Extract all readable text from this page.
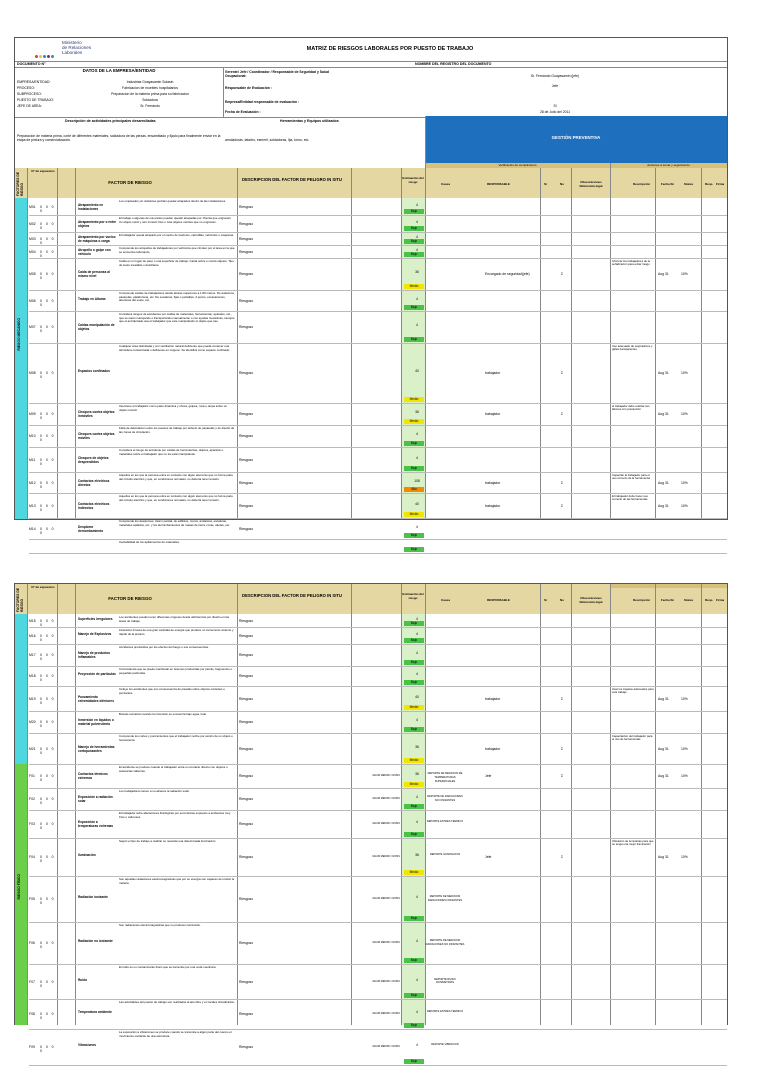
Ministerio
de Relaciones
Laborales
MATRIZ DE RIESGOS LABORALES POR PUESTO DE TRABAJO
DOCUMENTO N°	NOMBRE DEL REGISTRO DEL DOCUMENTO
DATOS DE LA EMPRESA/ENTIDAD
EMPRESA/ENTIDAD:	Industrias Guayasamin Solasin
PROCESO:	Fabricacion de muebles hospitalarios
SUBPROCESO:	Preparacion de la materia prima para su fabricacion
PUESTO DE TRABAJO:	Soldadora
JEFE DE AREA:	Sr. Fernando
Gerente/ Jefe / Coordinador / Responsable de Seguridad y Salud Ocupacional:	Sr. Fernando Guayasamin (jefe)
Responsable de Evaluación :	Jefe
Empresa/Entidad responsable de evaluación :
Si
Fecha de Evaluación :	28 de Julio del 2011
Descripción de actividades principales desarrolladas	Herramientas y Equipos utilizados
Preparación de materia prima, corte de diferentes materiales, soldadura de las piezas, ensamblado y lijado para finalmente enviar en la etapa de pintura y comercialización.	amoladoras, taladro, esmeril, soldadoras, lija, torno, etc.	GESTIÓN PREVENTIVA
Verificación de cumplimiento	Acciones a tomar y seguimiento
FACTORES DE RIESGO
N° de expuestos
FACTOR DE RIESGO
DESCRIPCIÓN DEL FACTOR DE PELIGRO IN SITU	Estimación del riesgo	Causa	RESPONSABLE	Si	No	Observaciones Referencia legal	Descripción	Fecha fin	Status	Resp. Firma
RIESGO MECANICO
M01	0 0 0 0
Atrapamiento en instalaciones
Los empleados y/o visitantes podrían quedar atrapados dentro de las instalaciones.
Riesgoso	4
Bajo
M02	0 0 0 0
Atrapamiento por o entre objetos
El trabajo o algunas de sus partes pueden quedar atrapadas por: Piezas que engranan; Un objeto móvil y otro inmóvil; Dos o más objetos móviles que no engranan.	Riesgoso	4
Bajo
M03	0 0 0 0
Atrapamiento por vuelco de máquinas o carga
El trabajador queda atrapado por el vuelco de tractores, carretillas, vehículos o máquinas.
Riesgoso	4
Bajo
M04	0 0 0 0
Atropello o golpe con vehículo
Comprende los atropellos de trabajadores por vehículos que circulen por el área en la que se encuentre laborando.	Riesgoso	4
Bajo
M05	0 0 0 0
Caída de personas al mismo nivel
Caída en un lugar de paso o una superficie de trabajo. Caída sobre o contra objetos. Tipo de suelo inestable o deslizante.
Riesgoso	36
Medio
Encargado de seguridad(jefe)	Σ	Aug 31	10%
Informar los trabajadores de la señalización para evitar riesgo
M06	0 0 0 0
Trabajo en Alturas
Comprende caídas de trabajadores desde alturas superiores a 1.80 metros. De andamios, pasarelas, plataformas, etc. De escaleras, fijas o portátiles. A pozos, excavaciones, aberturas del suelo, etc.	Riesgoso	4
Bajo
M07	0 0 0 0
Caídas manipulación de objetos
Considera riesgos de accidentes por caídas de materiales, herramientas, aparatos, etc., que se estén manejando o transportando manualmente o con ayudas mecánicas, siempre que el accidentado sea el trabajador que este manipulando el objeto que cae.
Riesgoso	4
Bajo
M08	0 0 0 0
Espacios confinados
Cualquier área delimitada y con ventilación natural deficiente que pueda contener una atmósfera contaminada o deficiente en oxígeno. Se identifica como espacio confinado.
Riesgoso	40
Medio
trabajador	Σ	Aug 31	10%
Uso adecuado de respiradores y gafas transparentes
M09	0 0 0 0
Choques contra objetos inmóviles
Interviene el trabajador como parte dinámica y choca, golpea, roza o raspa sobre un objeto inmóvil.
Riesgoso	36
Medio
trabajador	Σ	Aug 31	10%
el trabajador debe realizar sus labores con precaución
M10	0 0 0 0
Choques contra objetos móviles
Falta de delimitación entre los puestos de trabajo por defecto de pasarelas y de diseño de las zonas de circulación.
Riesgoso	4
Bajo
M11	0 0 0 0
Choques de objetos desprendidos
Considera el riesgo de accidente por caídas de herramientas, objetos, aparatos o materiales sobre el trabajador que no los está manipulando.
Riesgoso	4
Bajo
M12	0 0 0 0
Contactos eléctricos directos
Aquellos en los que la persona entra en contacto con algún elemento que no forma parte del circuito eléctrico y que, en condiciones normales, no debería tener tensión.
Riesgoso	108
Alto
trabajador	Σ	Aug 31	10%
Capacitar al trabajador para el uso correcto de la herramienta
M13	0 0 0 0
Contactos eléctricos indirectos
Aquellos en los que la persona entra en contacto con algún elemento que no forma parte del circuito eléctrico y que, en condiciones normales, no debería tener tensión.
Riesgoso	40
Medio
trabajador	Σ	Aug 31	10%
El trabajador debe hacer uso correcto de las herramientas
M14	0 0 0 0
Desplome derrumbamiento
Comprende los desplomes, total o parcial, de edificios, muros, andamios, escaleras, materiales apilados, etc. y los derrumbamientos de masas de tierra, rocas, aludes, etc.
Riesgoso	4
Bajo
Inestabilidad de los apilamientos de materiales.
Bajo
FACTORES DE RIESGO
N° de expuestos
FACTOR DE RIESGO
DESCRIPCIÓN DEL FACTOR DE PELIGRO IN SITU	Estimación del riesgo	Causa	RESPONSABLE	Si	No	Observaciones Referencia legal	Descripción	Fecha fin	Status	Resp. Firma
RIESGO FÍSICO
M15	0 0 0 0
Superficies irregulares	Los accidentes pueden tener diferentes orígenes desde deficiencias por diseño en las áreas de trabajo.	Riesgoso	4
Bajo
M16	0 0 0 0
Manejo de Explosivos
Liberación brusca de una gran cantidad de energía que produce un incremento violento y rápido de la presión.	Riesgoso	4
Bajo
M17	0 0 0 0
Manejo de productos inflamables
Accidentes producidos por los efectos del fuego o sus consecuencias.
Riesgoso	4
Bajo
M18	0 0 0 0
Proyección de partículas
Circunstancia que se puede manifestar en lesiones producidas por piezas, fragmentos o pequeñas partículas.
Riesgoso	4
Bajo
M19	0 0 0 0
Punzamiento extremidades inferiores
Incluye los accidentes que son consecuencia de pisadas sobre objetos cortantes o punzantes.
Riesgoso	40
Medio
trabajador	Σ	Aug 31	10%
Usar los zapatos adecuados para este trabajo
M20	0 0 0 0
Inmersión en líquidos o material pulverulento
Buscas sumarían cuando la inmersión se encuentra bajo agua, lodo.
Riesgoso	4
Bajo
M21	0 0 0 0
Manejo de herramientas cortopunzantes
Comprende los cortes y punzamientos que el trabajador recibe por acción de un objeto o herramienta.
Riesgoso	36
Medio
trabajador	Σ	Aug 31	10%
Capacitación del trabajador para el uso de herramientas
F01	0 0 0 0
Contactos térmicos extremos
El accidente se produce cuando el trabajador entra en contacto directo con objetos o sustancias calientes.
Riesgoso	VALOR MEDIDO / DOSIS	36
Medio
REPORTE DE MEDICIÓN DE TEMPERATURAS SUPERFICIALES
Jefe	Σ	Aug 31	10%
F02	0 0 0 0
Exposición a radiación solar
Los trabajadores tienen a su alcance la radiación solar.
Riesgoso	VALOR MEDIDO / DOSIS	4
Bajo
REPORTE DE RADIACIONES NO IONIZANTES
F03	0 0 0 0
Exposición a temperaturas extremas
El trabajador sufre alteraciones fisiológicas por encontrarse expuesto a ambientes muy fríos o calurosos.
Riesgoso	VALOR MEDIDO / DOSIS	4
Bajo
REPORTE ESTRÉS TÉRMICO
F04	0 0 0 0
Iluminación
Según el tipo de trabajo a realizar se necesita una determinada iluminación.
Riesgoso	VALOR MEDIDO / DOSIS	36
Medio
REPORTE ILUMINACIÓN
Jefe	Σ	Aug 31	10%
Ubicación de luminarias para que se tenga una mejor iluminación
F05	0 0 0 0
Radiación ionizante
Son aquellas radiaciones electromagnéticas que por su energía son capaces de ionizar la materia.
Riesgoso	VALOR MEDIDO / DOSIS	4
Bajo
REPORTE DE MEDICIÓN RADIACIONES IONIZANTES
F06	0 0 0 0
Radiación no ionizante
Son radiaciones electromagnéticas que no producen ionización.
Riesgoso	VALOR MEDIDO / DOSIS	4
Bajo
REPORTE DE MEDICIÓN RADIACIONES NO IONIZANTES
F07	0 0 0 0
Ruido
El ruido es un contaminante físico que se transmite por una onda mecánica.
Riesgoso	VALOR MEDIDO / DOSIS	4
Bajo
REPORTE RUIDO DOSIMETRÍAS
F08	0 0 0 0
Temperatura ambiente
Las actividades del puesto de trabajo son realizadas al aire libre y en locales climatizados.
Riesgoso	VALOR MEDIDO / DOSIS	4
Bajo
REPORTE ESTRÉS TÉRMICO
F09	0 0 0 0
Vibraciones
La exposición a vibraciones se produce cuando se transmite a algún parte del cuerpo el movimiento oscilante de una estructura.
Riesgoso	VALOR MEDIDO / DOSIS	4
Bajo
REPORTE VIBRACIÓN
